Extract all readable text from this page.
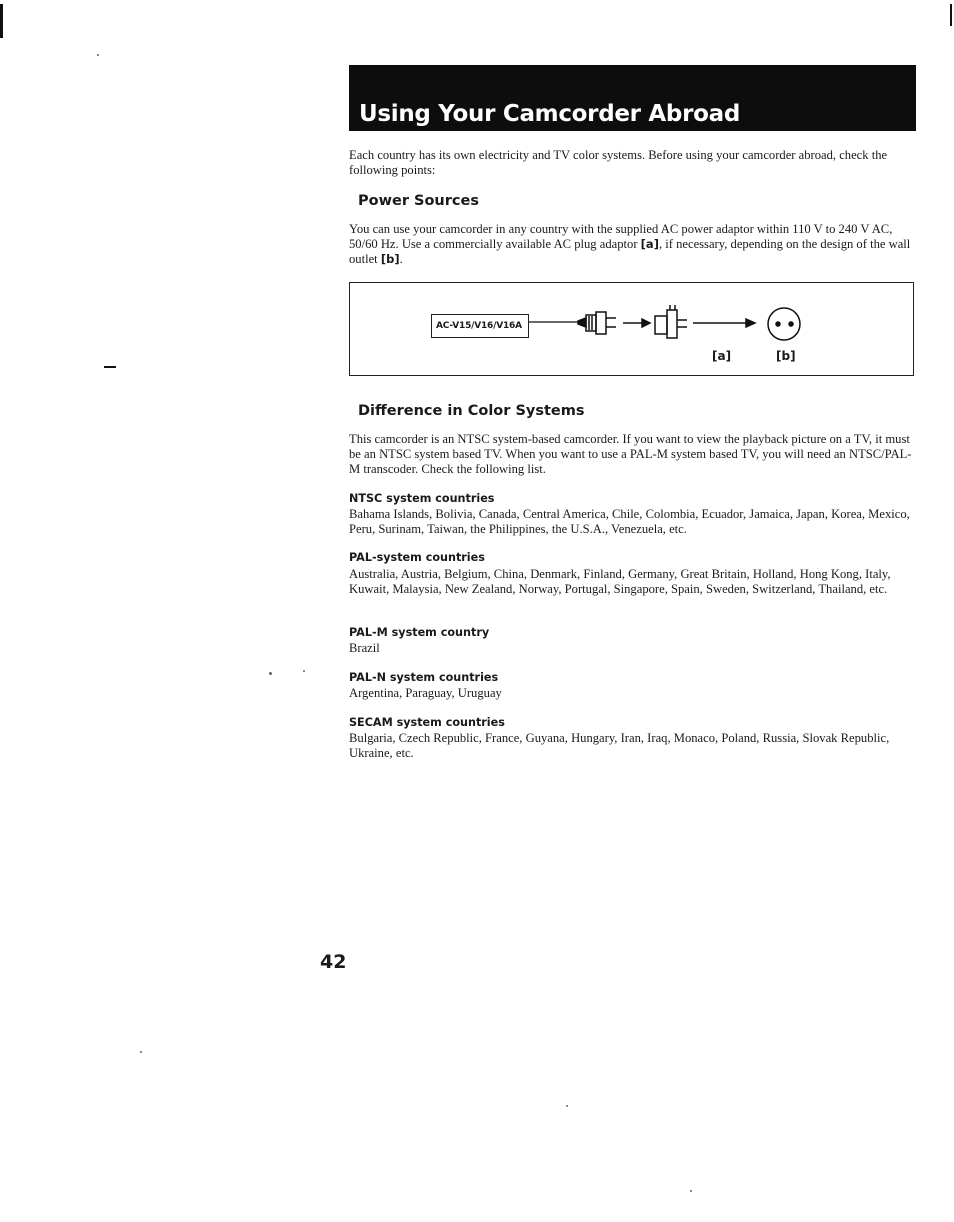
Using Your Camcorder Abroad

Each country has its own electricity and TV color systems. Before using your camcorder abroad, check the following points:

Power Sources

You can use your camcorder in any country with the supplied AC power adaptor within 110 V to 240 V AC, 50/60 Hz. Use a commercially available AC plug adaptor [a], if necessary, depending on the design of the wall outlet [b].

AC-V15/V16/V16A
[a]	[b]
Difference in Color Systems

This camcorder is an NTSC system-based camcorder. If you want to view the playback picture on a TV, it must be an NTSC system based TV. When you want to use a PAL-M system based TV, you will need an NTSC/PAL-M transcoder. Check the following list.

NTSC system countries

Bahama Islands, Bolivia, Canada, Central America, Chile, Colombia, Ecuador, Jamaica, Japan, Korea, Mexico, Peru, Surinam, Taiwan, the Philippines, the U.S.A., Venezuela, etc.

PAL-system countries

Australia, Austria, Belgium, China, Denmark, Finland, Germany, Great Britain, Holland, Hong Kong, Italy, Kuwait, Malaysia, New Zealand, Norway, Portugal, Singapore, Spain, Sweden, Switzerland, Thailand, etc.

PAL-M system country

Brazil

PAL-N system countries

Argentina, Paraguay, Uruguay

SECAM system countries

Bulgaria, Czech Republic, France, Guyana, Hungary, Iran, Iraq, Monaco, Poland, Russia, Slovak Republic, Ukraine, etc.

42
